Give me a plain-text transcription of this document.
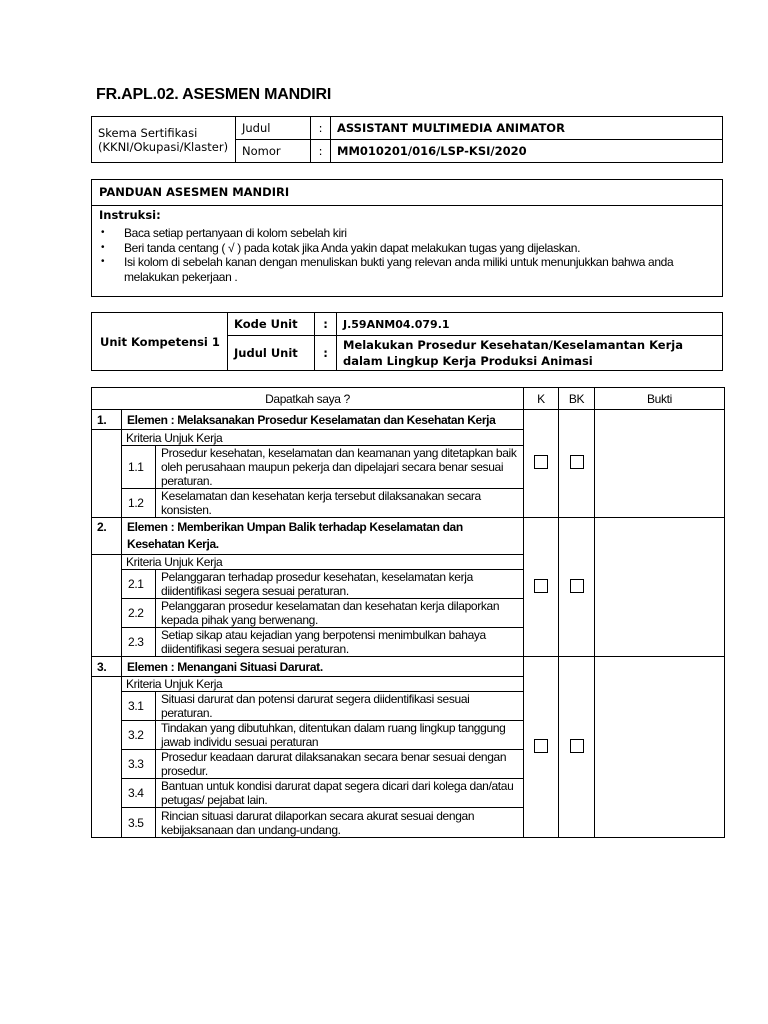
FR.APL.02. ASESMEN MANDIRI
Skema Sertifikasi
(KKNI/Okupasi/Klaster)	Judul	:	ASSISTANT MULTIMEDIA ANIMATOR
	Nomor	:	MM010201/016/LSP-KSI/2020
PANDUAN ASESMEN MANDIRI
Instruksi:
• Baca setiap pertanyaan di kolom sebelah kiri
• Beri tanda centang ( √ ) pada kotak jika Anda yakin dapat melakukan tugas yang dijelaskan.
• Isi kolom di sebelah kanan dengan menuliskan bukti yang relevan anda miliki untuk menunjukkan bahwa anda melakukan pekerjaan .
Unit Kompetensi 1	Kode Unit	:	J.59ANM04.079.1
	Judul Unit	:	Melakukan Prosedur Kesehatan/Keselamantan Kerja dalam Lingkup Kerja Produksi Animasi
Dapatkah saya ?			K	BK	Bukti
1.	Elemen : Melaksanakan Prosedur Keselamatan dan Kesehatan Kerja				
	Kriteria Unjuk Kerja				
	1.1	Prosedur kesehatan, keselamatan dan keamanan yang ditetapkan baik oleh perusahaan maupun pekerja dan dipelajari secara benar sesuai peraturan.			
	1.2	Keselamatan dan kesehatan kerja tersebut dilaksanakan secara konsisten.			
2.	Elemen : Memberikan Umpan Balik terhadap Keselamatan dan Kesehatan Kerja.				
	Kriteria Unjuk Kerja				
	2.1	Pelanggaran terhadap prosedur kesehatan, keselamatan kerja diidentifikasi segera sesuai peraturan.			
	2.2	Pelanggaran prosedur keselamatan dan kesehatan kerja dilaporkan kepada pihak yang berwenang.			
	2.3	Setiap sikap atau kejadian yang berpotensi menimbulkan bahaya diidentifikasi segera sesuai peraturan.			
3.	Elemen : Menangani Situasi Darurat.				
	Kriteria Unjuk Kerja				
	3.1	Situasi darurat dan potensi darurat segera diidentifikasi sesuai peraturan.			
	3.2	Tindakan yang dibutuhkan, ditentukan dalam ruang lingkup tanggung jawab individu sesuai peraturan			
	3.3	Prosedur keadaan darurat dilaksanakan secara benar sesuai dengan prosedur.			
	3.4	Bantuan untuk kondisi darurat dapat segera dicari dari kolega dan/atau petugas/ pejabat lain.			
	3.5	Rincian situasi darurat dilaporkan secara akurat sesuai dengan kebijaksanaan dan undang-undang.			
